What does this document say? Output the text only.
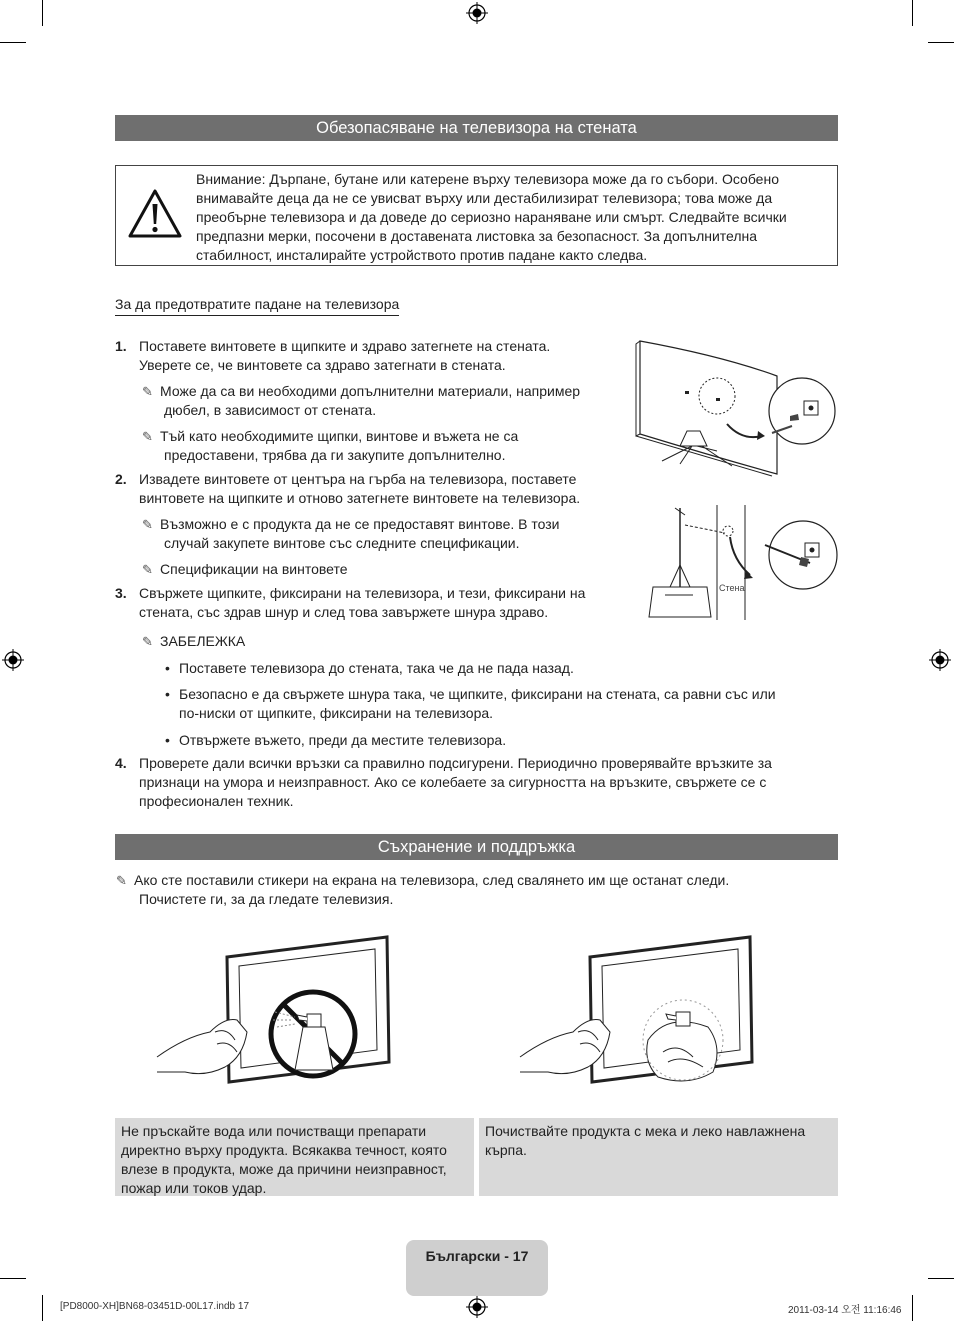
Обезопасяване на телевизора на стената
Внимание: Дърпане, бутане или катерене върху телевизора може да го събори. Особено внимавайте деца да не се увисват върху или дестабилизират телевизора; това може да преобърне телевизора и да доведе до сериозно нараняване или смърт. Следвайте всички предпазни мерки, посочени в доставената листовка за безопасност. За допълнителна стабилност, инсталирайте устройството против падане както следва.
За да предотвратите падане на телевизора
1. Поставете винтовете в щипките и здраво затегнете на стената.
Уверете се, че винтовете са здраво затегнати в стената.
✎ Може да са ви необходими допълнителни материали, например
дюбел, в зависимост от стената.
✎ Тъй като необходимите щипки, винтове и въжета не са
предоставени, трябва да ги закупите допълнително.
2. Извадете винтовете от центъра на гърба на телевизора, поставете
винтовете на щипките и отново затегнете винтовете на телевизора.
✎ Възможно е с продукта да не се предоставят винтове. В този
случай закупете винтове със следните спецификации.
✎ Спецификации на винтовете
3. Свържете щипките, фиксирани на телевизора, и тези, фиксирани на
стената, със здрав шнур и след това завържете шнура здраво.
✎ ЗАБЕЛЕЖКА
• Поставете телевизора до стената, така че да не пада назад.
• Безопасно е да свържете шнура така, че щипките, фиксирани на стената, са равни със или
по-ниски от щипките, фиксирани на телевизора.
• Отвържете въжето, преди да местите телевизора.
4. Проверете дали всички връзки са правилно подсигурени. Периодично проверявайте връзките за
признаци на умора и неизправност. Ако се колебаете за сигурността на връзките, свържете се с
професионален техник.
Стена
Съхранение и поддръжка
✎ Ако сте поставили стикери на екрана на телевизора, след свалянето им ще останат следи.
Почистете ги, за да гледате телевизия.
Не пръскайте вода или почистващи препарати директно върху продукта. Всякаква течност, която влезе в продукта, може да причини неизправност, пожар или токов удар.
Почиствайте продукта с мека и леко навлажнена кърпа.
Български - 17
[PD8000-XH]BN68-03451D-00L17.indb 17	2011-03-14 오전 11:16:46
